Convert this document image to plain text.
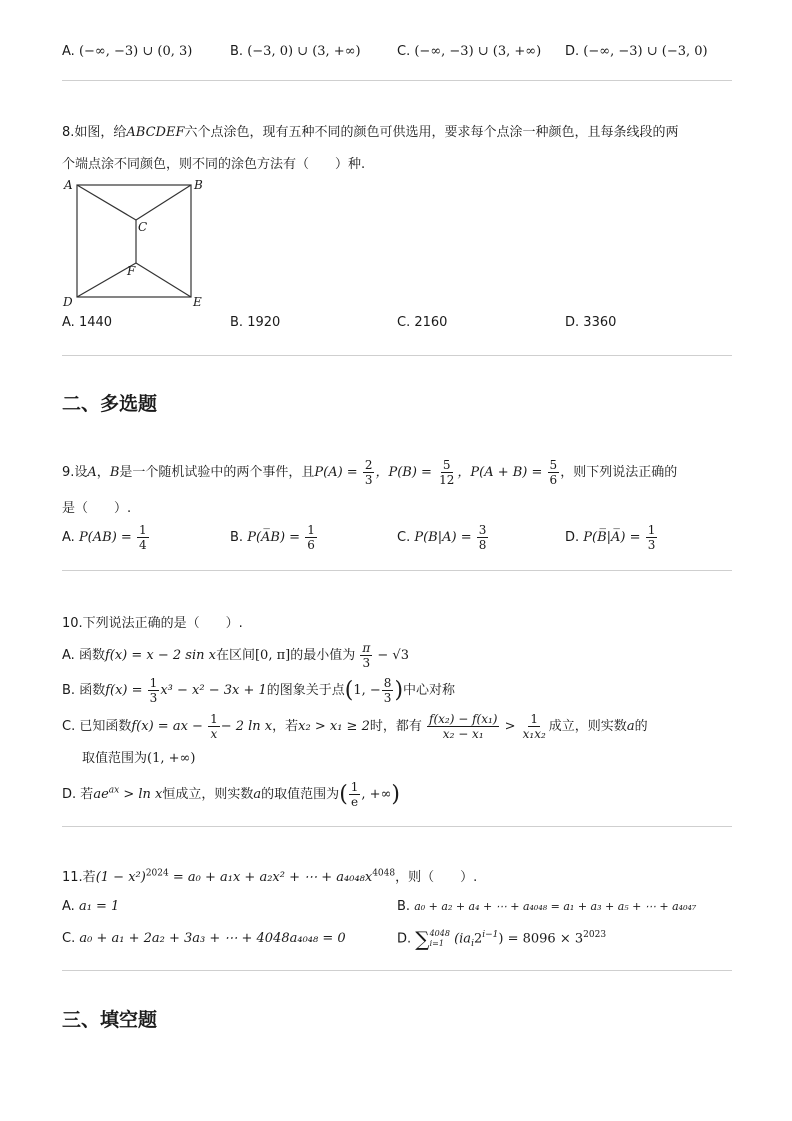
A. (−∞, −3) ∪ (0, 3)	B. (−3, 0) ∪ (3, +∞)	C. (−∞, −3) ∪ (3, +∞) D. (−∞, −3) ∪ (−3, 0)
8.如图，给ABCDEF六个点涂色，现有五种不同的颜色可供选用，要求每个点涂一种颜色，且每条线段的两
个端点涂不同颜色，则不同的涂色方法有（　　）种.
A	B
C
D	E
F
A. 1440	B. 1920	C. 2160	D. 3360
二、多选题
9.设A，B是一个随机试验中的两个事件，且$P(A) = \frac{2}{3}$ ，$P(B) = \frac{5}{12}$ ，$P(A + B) = \frac{5}{6}$ ，则下列说法正确的
是（　　）.
A. $P(AB) = \frac{1}{4}$	B. P(A̅B) = $\frac{1}{6}$	C. $P(B|A) = \frac{3}{8}$	D. P(B̅|A̅) = $\frac{1}{3}$
10.下列说法正确的是（　　）.
A. 函数f(x) = x − 2 sin x在区间[0, π]的最小值为 $\frac{\pi}{3} - √3$
B. 函数$f(x) = \frac{1}{3} x^3 - x^2 - 3x + 1$的图象关于点(1, − $\frac{8}{3}$ )中心对称
C. 已知函数f(x) = ax − $\frac{1}{x} - 2$ ln x，若x₂ > x₁ ≥ 2时，都有 $\frac{\text{f(x₂) − f(x₁)}}{\text{x₂ − x₁}} > \frac{1}{\text{x₁x₂}}$ 成立，则实数a的
取值范围为(1, +∞)
D. 若$ae^{ax} > \ln x$恒成立，则实数a的取值范围为( $\frac{1}{e}$ , +∞)
11.若$(1 - x^2)^{2024} = a_0 + a_1x + a_2x^2$ + ⋯ + $a_{4048}x^{4048}$，则（　　）.
A. a₁ = 1	B. a₀ + a₂ + a₄ + ⋯ + a₄₀₄₈ = a₁ + a₃ + a₅ + ⋯ + a₄₀₄₇
C. a₀ + a₁ + 2a₂ + 3a₃ + ⋯ + 4048a₄₀₄₈ = 0	D. ∑ 4048
i=1 $(ia_i2^{i-1}) = 8096 \times 3^{2023}$
三、填空题
